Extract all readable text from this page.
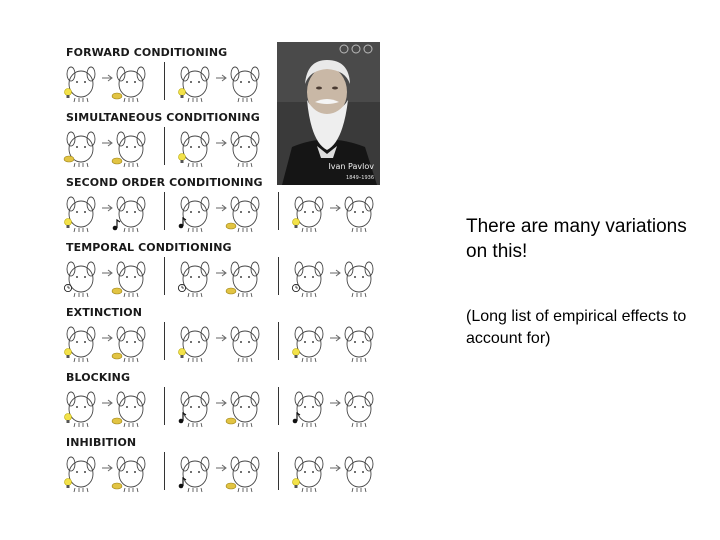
FORWARD CONDITIONING
SIMULTANEOUS CONDITIONING
SECOND ORDER CONDITIONING
TEMPORAL CONDITIONING
EXTINCTION
BLOCKING
INHIBITION
Ivan Pavlov
1849–1936
There are many variations on this!
(Long list of empirical effects to account for)
